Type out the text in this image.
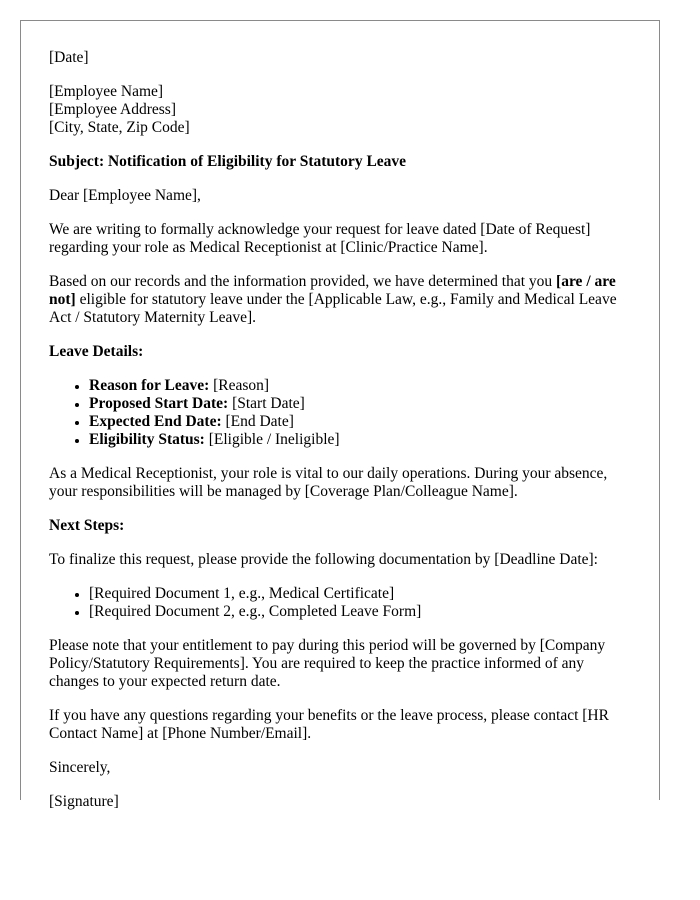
[Date]

[Employee Name]
[Employee Address]
[City, State, Zip Code]

Subject: Notification of Eligibility for Statutory Leave

Dear [Employee Name],

We are writing to formally acknowledge your request for leave dated [Date of Request] regarding your role as Medical Receptionist at [Clinic/Practice Name].

Based on our records and the information provided, we have determined that you [are / are not] eligible for statutory leave under the [Applicable Law, e.g., Family and Medical Leave Act / Statutory Maternity Leave].

Leave Details:

• Reason for Leave: [Reason]
• Proposed Start Date: [Start Date]
• Expected End Date: [End Date]
• Eligibility Status: [Eligible / Ineligible]

As a Medical Receptionist, your role is vital to our daily operations. During your absence, your responsibilities will be managed by [Coverage Plan/Colleague Name].

Next Steps:

To finalize this request, please provide the following documentation by [Deadline Date]:

• [Required Document 1, e.g., Medical Certificate]
• [Required Document 2, e.g., Completed Leave Form]

Please note that your entitlement to pay during this period will be governed by [Company Policy/Statutory Requirements]. You are required to keep the practice informed of any changes to your expected return date.

If you have any questions regarding your benefits or the leave process, please contact [HR Contact Name] at [Phone Number/Email].

Sincerely,

[Signature]
